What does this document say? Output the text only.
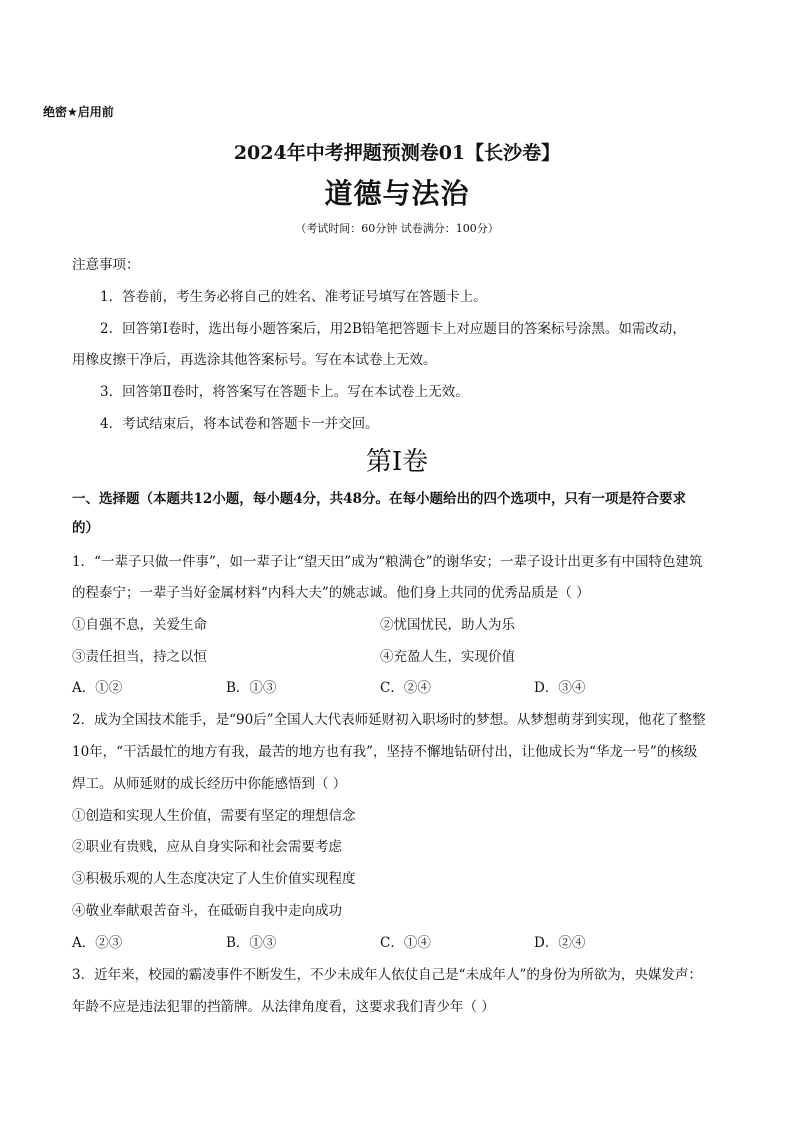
绝密★启用前
2024年中考押题预测卷01【长沙卷】
道德与法治
（考试时间：60分钟 试卷满分：100分）
注意事项：
1．答卷前，考生务必将自己的姓名、准考证号填写在答题卡上。
2．回答第Ⅰ卷时，选出每小题答案后，用2B铅笔把答题卡上对应题目的答案标号涂黑。如需改动，
用橡皮擦干净后，再选涂其他答案标号。写在本试卷上无效。
3．回答第Ⅱ卷时，将答案写在答题卡上。写在本试卷上无效。
4．考试结束后，将本试卷和答题卡一并交回。
第Ⅰ卷
一、选择题（本题共12小题，每小题4分，共48分。在每小题给出的四个选项中，只有一项是符合要求
的）
1．“一辈子只做一件事”，如一辈子让“望天田”成为“粮满仓”的谢华安；一辈子设计出更多有中国特色建筑
的程泰宁；一辈子当好金属材料“内科大夫”的姚志诚。他们身上共同的优秀品质是（ ）
①自强不息，关爱生命	②忧国忧民，助人为乐
③责任担当，持之以恒	④充盈人生，实现价值
A．①②	B．①③	C．②④	D．③④
2．成为全国技术能手，是“90后”全国人大代表师延财初入职场时的梦想。从梦想萌芽到实现，他花了整整
10年，“干活最忙的地方有我，最苦的地方也有我”，坚持不懈地钻研付出，让他成长为“华龙一号”的核级
焊工。从师延财的成长经历中你能感悟到（ ）
①创造和实现人生价值，需要有坚定的理想信念
②职业有贵贱，应从自身实际和社会需要考虑
③积极乐观的人生态度决定了人生价值实现程度
④敬业奉献艰苦奋斗，在砥砺自我中走向成功
A．②③	B．①③	C．①④	D．②④
3．近年来，校园的霸凌事件不断发生，不少未成年人依仗自己是“未成年人”的身份为所欲为，央媒发声：
年龄不应是违法犯罪的挡箭牌。从法律角度看，这要求我们青少年（ ）
